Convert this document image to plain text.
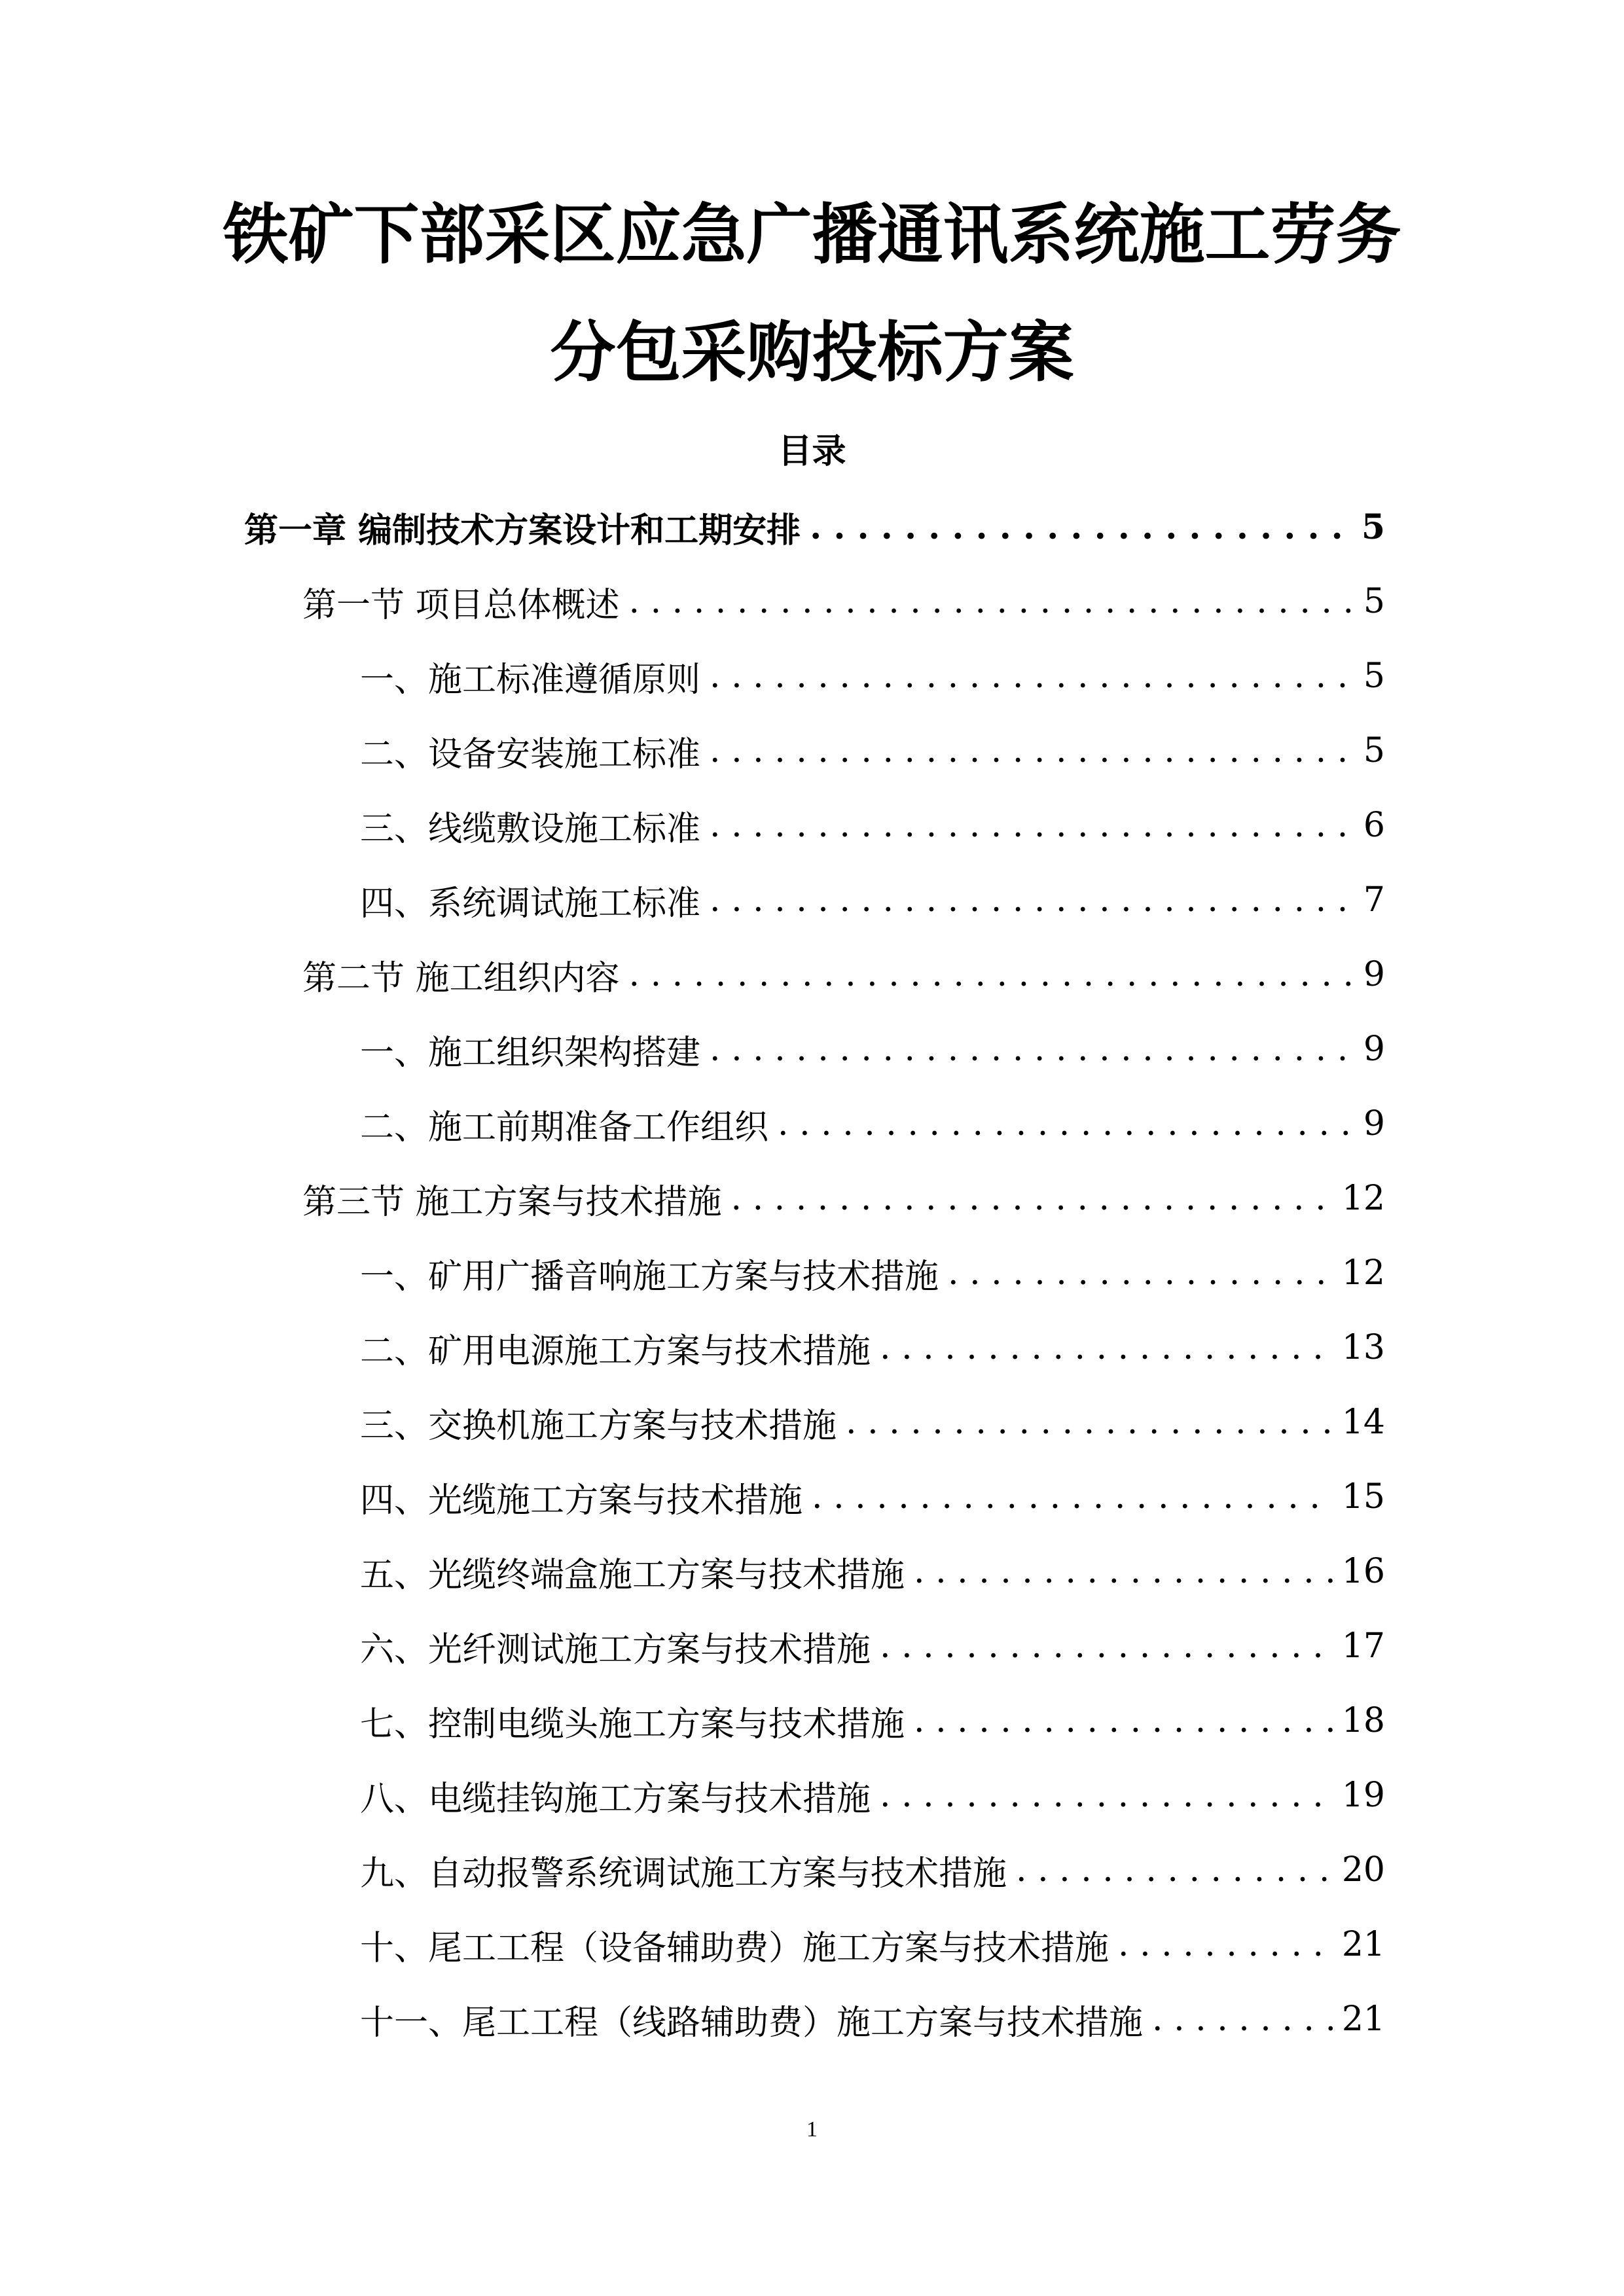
铁矿下部采区应急广播通讯系统施工劳务
分包采购投标方案
目录
第一章 编制技术方案设计和工期安排 . . .	5
第一节 项目总体概述 . . .	5
一、施工标准遵循原则 . . .	5
二、设备安装施工标准 . . .	5
三、线缆敷设施工标准 . . .	6
四、系统调试施工标准 . . .	7
第二节 施工组织内容 . . .	9
一、施工组织架构搭建 . . .	9
二、施工前期准备工作组织 . . .	9
第三节 施工方案与技术措施 . . .	12
一、矿用广播音响施工方案与技术措施 . . .	12
二、矿用电源施工方案与技术措施 . . .	13
三、交换机施工方案与技术措施 . . .	14
四、光缆施工方案与技术措施 . . .	15
五、光缆终端盒施工方案与技术措施 . . .	16
六、光纤测试施工方案与技术措施 . . .	17
七、控制电缆头施工方案与技术措施 . . .	18
八、电缆挂钩施工方案与技术措施 . . .	19
九、自动报警系统调试施工方案与技术措施 . . .	20
十、尾工工程（设备辅助费）施工方案与技术措施 . . .	21
十一、尾工工程（线路辅助费）施工方案与技术措施 . . .	21
1
